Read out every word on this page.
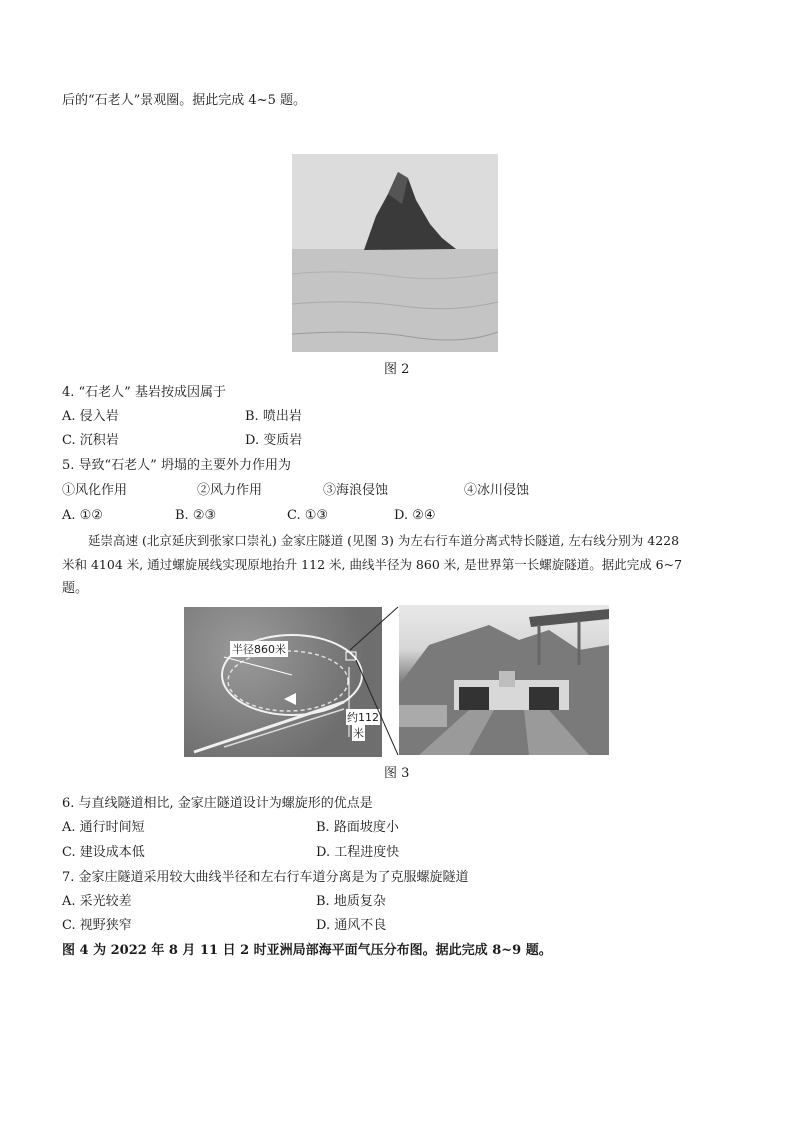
后的“石老人”景观圈。据此完成 4~5 题。
图 2
4. “石老人” 基岩按成因属于
A. 侵入岩	B. 喷出岩
C. 沉积岩	D. 变质岩
5. 导致“石老人” 坍塌的主要外力作用为
①风化作用	②风力作用	③海浪侵蚀	④冰川侵蚀
A. ①②	B. ②③	C. ①③	D. ②④
延崇高速 (北京延庆到张家口崇礼) 金家庄隧道 (见图 3) 为左右行车道分离式特长隧道, 左右线分别为 4228
米和 4104 米, 通过螺旋展线实现原地抬升 112 米, 曲线半径为 860 米, 是世界第一长螺旋隧道。据此完成 6~7
题。
半径860米
约112
米
图 3
6. 与直线隧道相比, 金家庄隧道设计为螺旋形的优点是
A. 通行时间短	B. 路面坡度小
C. 建设成本低	D. 工程进度快
7. 金家庄隧道采用较大曲线半径和左右行车道分离是为了克服螺旋隧道
A. 采光较差	B. 地质复杂
C. 视野狭窄	D. 通风不良
图 4 为 2022 年 8 月 11 日 2 时亚洲局部海平面气压分布图。据此完成 8~9 题。
